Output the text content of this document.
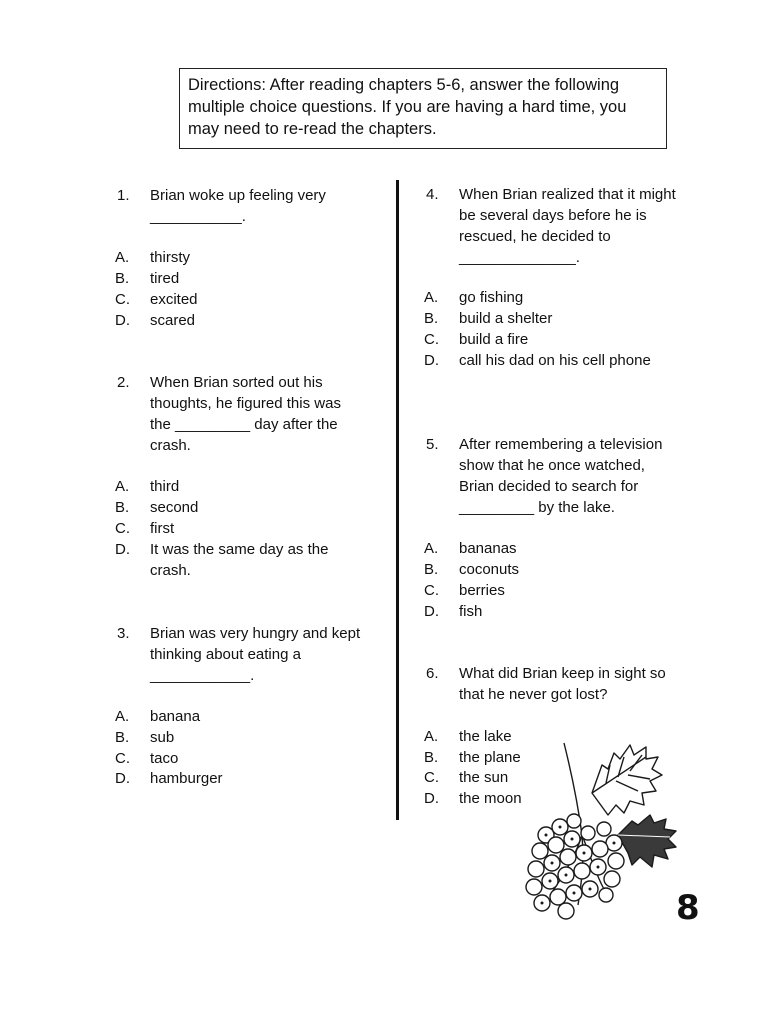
Directions: After reading chapters 5-6, answer the following multiple choice questions. If you are having a hard time, you may need to re-read the chapters.
1. Brian woke up feeling very ___________.
A. thirsty
B. tired
C. excited
D. scared
2. When Brian sorted out his thoughts, he figured this was the _________ day after the crash.
A. third
B. second
C. first
D. It was the same day as the crash.
3. Brian was very hungry and kept thinking about eating a ____________.
A. banana
B. sub
C. taco
D. hamburger
4. When Brian realized that it might be several days before he is rescued, he decided to ______________.
A. go fishing
B. build a shelter
C. build a fire
D. call his dad on his cell phone
5. After remembering a television show that he once watched, Brian decided to search for _________ by the lake.
A. bananas
B. coconuts
C. berries
D. fish
6. What did Brian keep in sight so that he never got lost?
A. the lake
B. the plane
C. the sun
D. the moon
8
